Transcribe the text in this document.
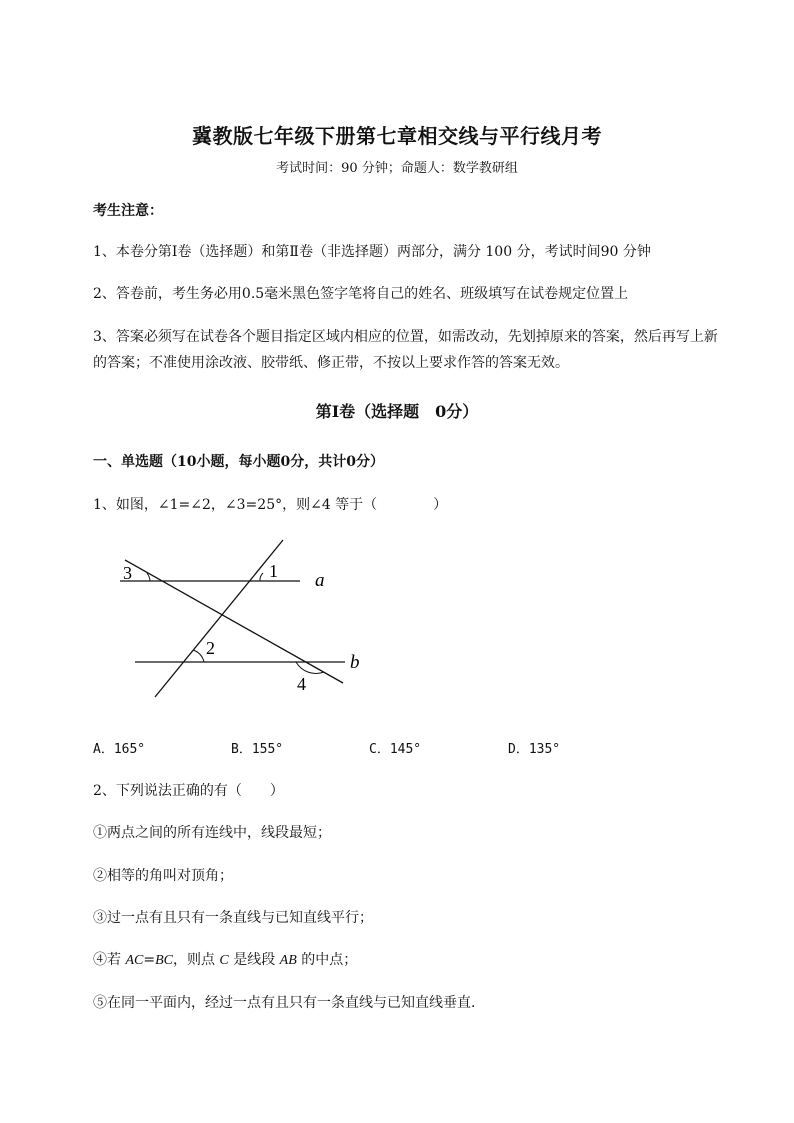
冀教版七年级下册第七章相交线与平行线月考
考试时间：90 分钟；命题人：数学教研组
考生注意：
1、本卷分第Ⅰ卷（选择题）和第Ⅱ卷（非选择题）两部分，满分 100 分，考试时间90 分钟
2、答卷前，考生务必用0.5毫米黑色签字笔将自己的姓名、班级填写在试卷规定位置上
3、答案必须写在试卷各个题目指定区域内相应的位置，如需改动，先划掉原来的答案，然后再写上新
的答案；不准使用涂改液、胶带纸、修正带，不按以上要求作答的答案无效。
第Ⅰ卷（选择题　0分）
一、单选题（10小题，每小题0分，共计0分）
1、如图，∠1=∠2，∠3=25°，则∠4 等于（　　　　）
3	1 a
2
b
4
A．165°	B．155°	C．145°	D．135°
2、下列说法正确的有（　　）
①两点之间的所有连线中，线段最短；
②相等的角叫对顶角；
③过一点有且只有一条直线与已知直线平行；
④若 AC=BC，则点 C 是线段 AB 的中点；
⑤在同一平面内，经过一点有且只有一条直线与已知直线垂直．
